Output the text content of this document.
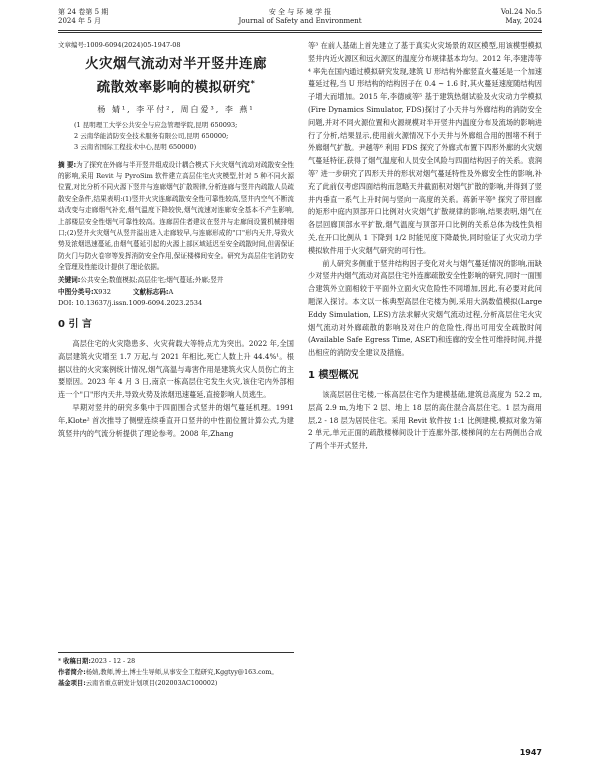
第 24 卷第 5 期
2024 年 5 月
安 全 与 环 境 学 报
Journal of Safety and Environment
Vol.24 No.5
May, 2024
文章编号:1009-6094(2024)05-1947-08
火灾烟气流动对半开竖井连廊
疏散效率影响的模拟研究*
杨 婧¹, 李平付², 周白爱³, 李 燕¹
(1 昆明理工大学公共安全与应急管理学院,昆明 650093;
2 云南华能消防安全技术服务有限公司,昆明 650000;
3 云南省国际工程技术中心,昆明 650000)
摘 要:为了探究在外廊与半开竖井组成设计耦合模式下火灾烟气流动对疏散安全性的影响,采用 Revit 与 PyroSim 软件建立高层住宅火灾模型,针对 5 种不同火源位置,对比分析不同火源下竖井与连廊烟气扩散规律,分析连廊与竖井内疏散人员疏散安全条件,结果表明:(1)竖井火灾连廊疏散安全性可靠性较高,竖井内空气不断流动改变与走廊烟气补充,烟气温度下降较快,烟气流速对连廊安全基本不产生影响,上部楼层安全性烟气可靠性较高。连廊居住者建议在竖井与走廊间设置机械排烟口;(2)竖井火灾烟气从竖井溢出进入走廊较早,与连廊形成的"口"形内天井,导致火势及浓烟迅速蔓延,由烟气蔓延引起的火源上部区域延迟至安全疏散时间,但需保证防火门与防火卷帘等发挥消防安全作用,保证楼梯间安全。研究为高层住宅消防安全管理及性能设计提供了理论依据。
关键词:公共安全;数值模拟;高层住宅;烟气蔓延;外廊;竖井
中图分类号:X932	文献标志码:A
DOI: 10.13637/j.issn.1009-6094.2023.2534
0 引 言

高层住宅的火灾隐患多、火灾荷载大等特点尤为突出。2022 年,全国高层建筑火灾增至 1.7 万起,与 2021 年相比,死亡人数上升 44.4%¹。根据以往的火灾案例统计情况,烟气高温与毒害作用是建筑火灾人员伤亡的主要原因。2023 年 4 月 3 日,南京一栋高层住宅发生火灾,该住宅内外部相连一个"口"形内天井,导致火势及浓烟迅速蔓延,直接影响人员逃生。

早期对竖井的研究多集中于四面围合式竖井的烟气蔓延机理。1991 年,Klote² 首次推导了侧壁连续垂直开口竖井的中性面位置计算公式,为建筑竖井内的气流分析提供了理论参考。2008 年,Zhang

等³ 在前人基础上首先建立了基于真实火灾场景的双区模型,用该模型模拟竖井内近火源区和远火源区的温度分布规律基本均匀。2012 年,李建涛等⁴ 率先在国内通过模拟研究发现,建筑 U 形结构外廊竖直火蔓延是一个加速蔓延过程,当 U 形结构的结构因子在 0.4 ~ 1.6 时,其火蔓延速度随结构因子增大而增加。2015 年,李德威等⁵ 基于建筑热烟试验及火灾动力学模拟(Fire Dynamics Simulator, FDS)探讨了小天井与外廊结构的消防安全问题,并对不同火源位置和火源规模对半开竖井内温度分布及流场的影响进行了分析,结果显示,使用前火源情况下小天井与外廊组合用的围堵不利于外廊烟气扩散。尹越等⁶ 利用 FDS 探究了外廊式布置下四形外廊的火灾烟气蔓延特征,获得了烟气温度和人员安全风险与四面结构因子的关系。袁润等⁷ 进一步研究了四形天井的形状对烟气蔓延特性及外廊安全性的影响,补充了此前仅考虑四面结构而忽略天井截面积对烟气扩散的影响,并得到了竖井内垂直一系气上升时间与竖向一高度的关系。蒋新平等⁸ 探究了带回廊的矩形中庭内顶部开口比例对火灾烟气扩散规律的影响,结果表明,烟气在各层回廊顶部水平扩散,烟气温度与顶部开口比例的关系总体为线性负相关,在开口比例从 1 下降到 1/2 时能见度下降最快,同时验证了火灾动力学模拟软件用于火灾烟气研究的可行性。

前人研究多侧重于竖井结构因子变化对火与烟气蔓延情况的影响,而缺少对竖井内烟气流动对高层住宅外连廊疏散安全性影响的研究,同时一面围合建筑外立面相较于平面外立面火灾危险性不同增加,因此,有必要对此问题深入探讨。本文以一栋典型高层住宅楼为例,采用大涡数值模拟(Large Eddy Simulation, LES)方法求解火灾烟气流动过程,分析高层住宅火灾烟气流动对外廊疏散的影响及对住户的危险性,得出可用安全疏散时间(Available Safe Egress Time, ASET)和连廊的安全性可维持时间,并提出相应的消防安全建议及措施。

1 模型概况

该高层居住宅楼,一栋高层住宅作为建模基础,建筑总高度为 52.2 m,层高 2.9 m,为地下 2 层、地上 18 层的高住混合高层住宅。1 层为商用层,2 - 18 层为居民住宅。采用 Revit 软件按 1:1 比例建模,模拟对象为第 2 单元,单元正面的疏散楼梯间设计于连廊外部,楼梯间的左右两侧出合成了两个半开式竖井,

* 收稿日期:2023 - 12 - 28
作者简介:杨婧,教师,博士,博士生导师,从事安全工程研究,Kggtyy@163.com。
基金项目:云南省重点研发计划项目(202003AC100002)
1947
